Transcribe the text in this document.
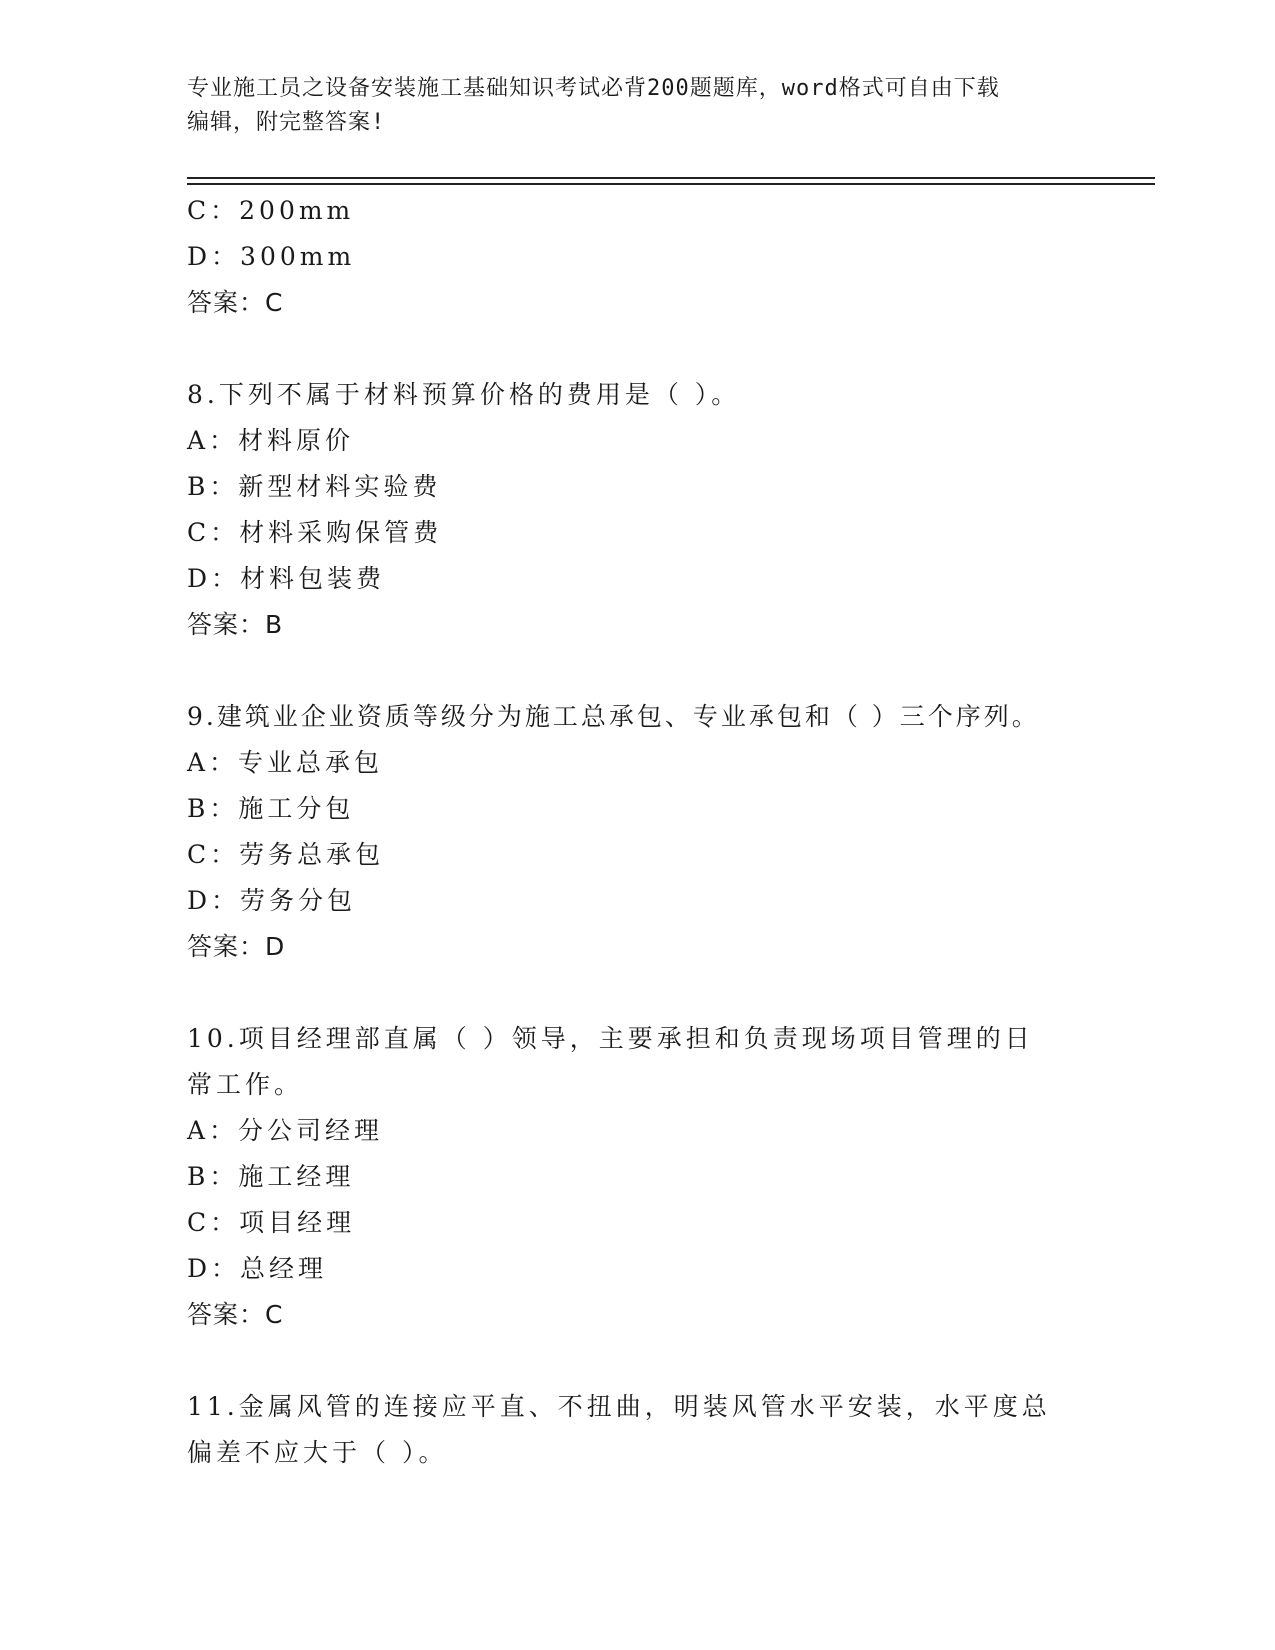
专业施工员之设备安装施工基础知识考试必背200题题库，word格式可自由下载
编辑，附完整答案!
C：200mm
D：300mm
答案：C
8.下列不属于材料预算价格的费用是（ ）。
A：材料原价
B：新型材料实验费
C：材料采购保管费
D：材料包装费
答案：B
9.建筑业企业资质等级分为施工总承包、专业承包和（ ）三个序列。
A：专业总承包
B：施工分包
C：劳务总承包
D：劳务分包
答案：D
10.项目经理部直属（ ）领导，主要承担和负责现场项目管理的日常工作。
A：分公司经理
B：施工经理
C：项目经理
D：总经理
答案：C
11.金属风管的连接应平直、不扭曲，明装风管水平安装，水平度总偏差不应大于（ ）。
